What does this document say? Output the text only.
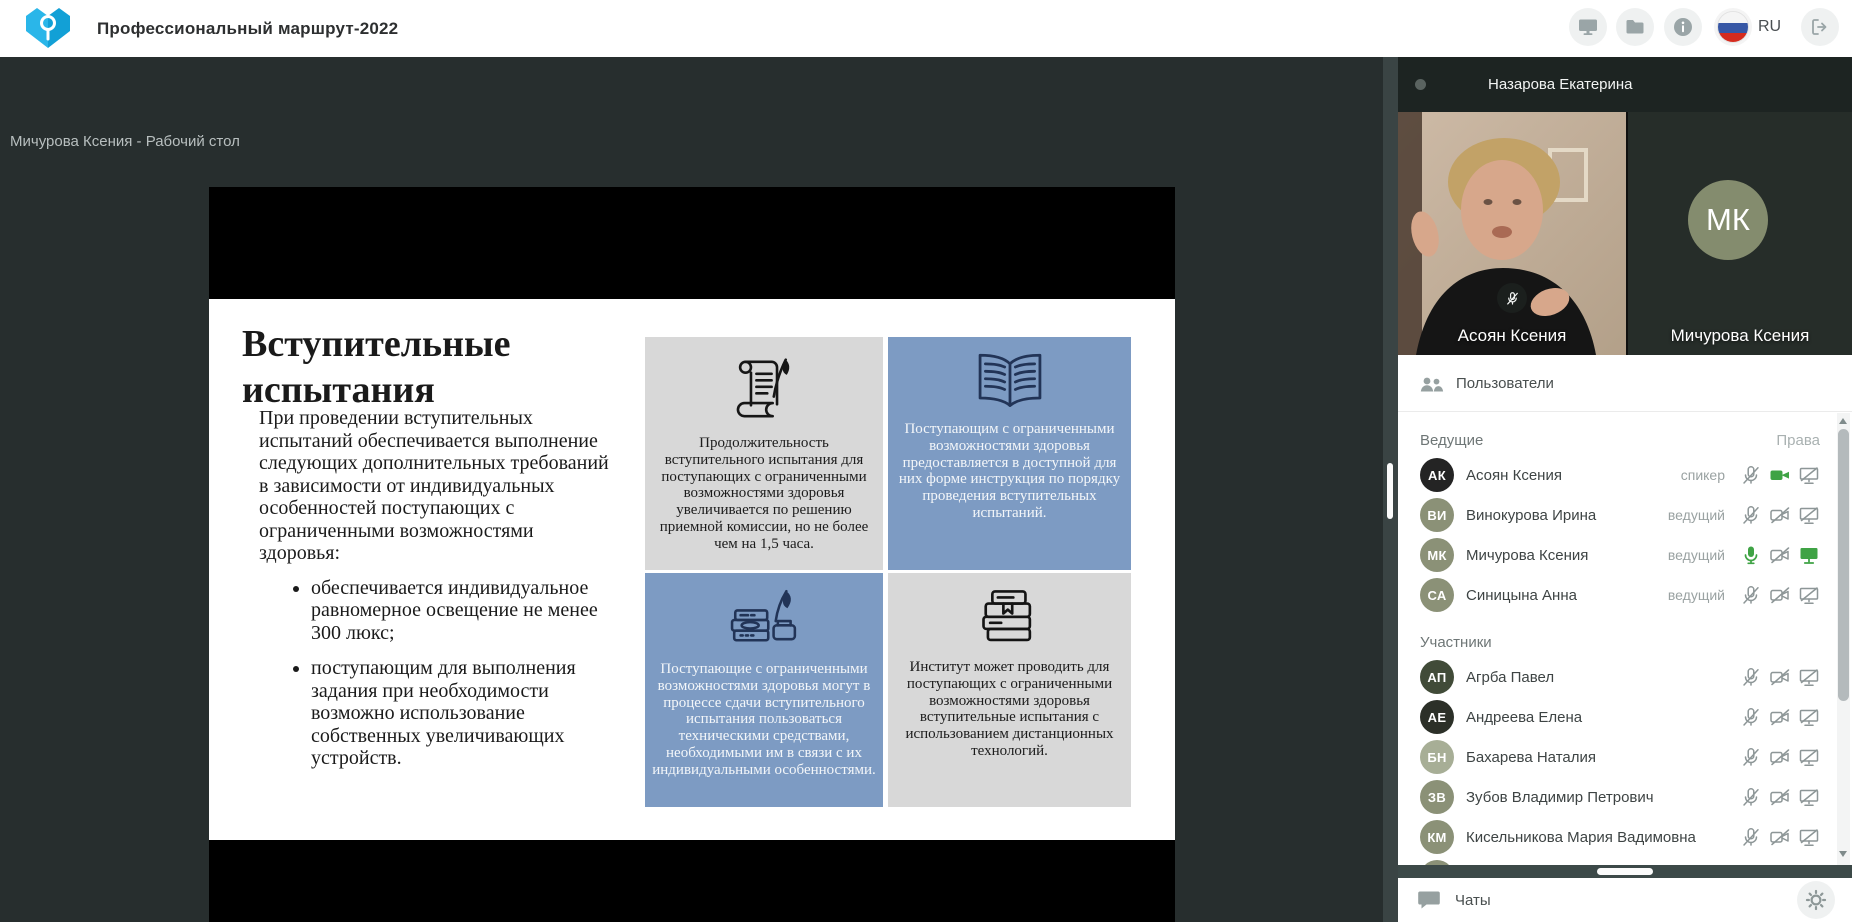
Профессиональный маршрут-2022	RU
Мичурова Ксения - Рабочий стол
Вступительные испытания
При проведении вступительных испытаний обеспечивается выполнение следующих дополнительных требований в зависимости от индивидуальных особенностей поступающих с ограниченными возможностями здоровья:
• обеспечивается индивидуальное равномерное освещение не менее 300 люкс;
• поступающим для выполнения задания при необходимости возможно использование собственных увеличивающих устройств.
Продолжительность вступительного испытания для поступающих с ограниченными возможностями здоровья увеличивается по решению приемной комиссии, но не более чем на 1,5 часа.
Поступающим с ограниченными возможностями здоровья предоставляется в доступной для них форме инструкция по порядку проведения вступительных испытаний.
Поступающие с ограниченными возможностями здоровья могут в процессе сдачи вступительного испытания пользоваться техническими средствами, необходимыми им в связи с их индивидуальными особенностями.
Институт может проводить для поступающих с ограниченными возможностями здоровья вступительные испытания с использованием дистанционных технологий.
Назарова Екатерина
Асоян Ксения
МК
Мичурова Ксения
Пользователи
Ведущие	Права
АК	Асоян Ксения	спикер
ВИ	Винокурова Ирина	ведущий
МК	Мичурова Ксения	ведущий
СА	Синицына Анна	ведущий
Участники
АП	Агрба Павел
АЕ	Андреева Елена
БН	Бахарева Наталия
ЗВ	Зубов Владимир Петрович
КМ	Кисельникова Мария Вадимовна
Чаты
